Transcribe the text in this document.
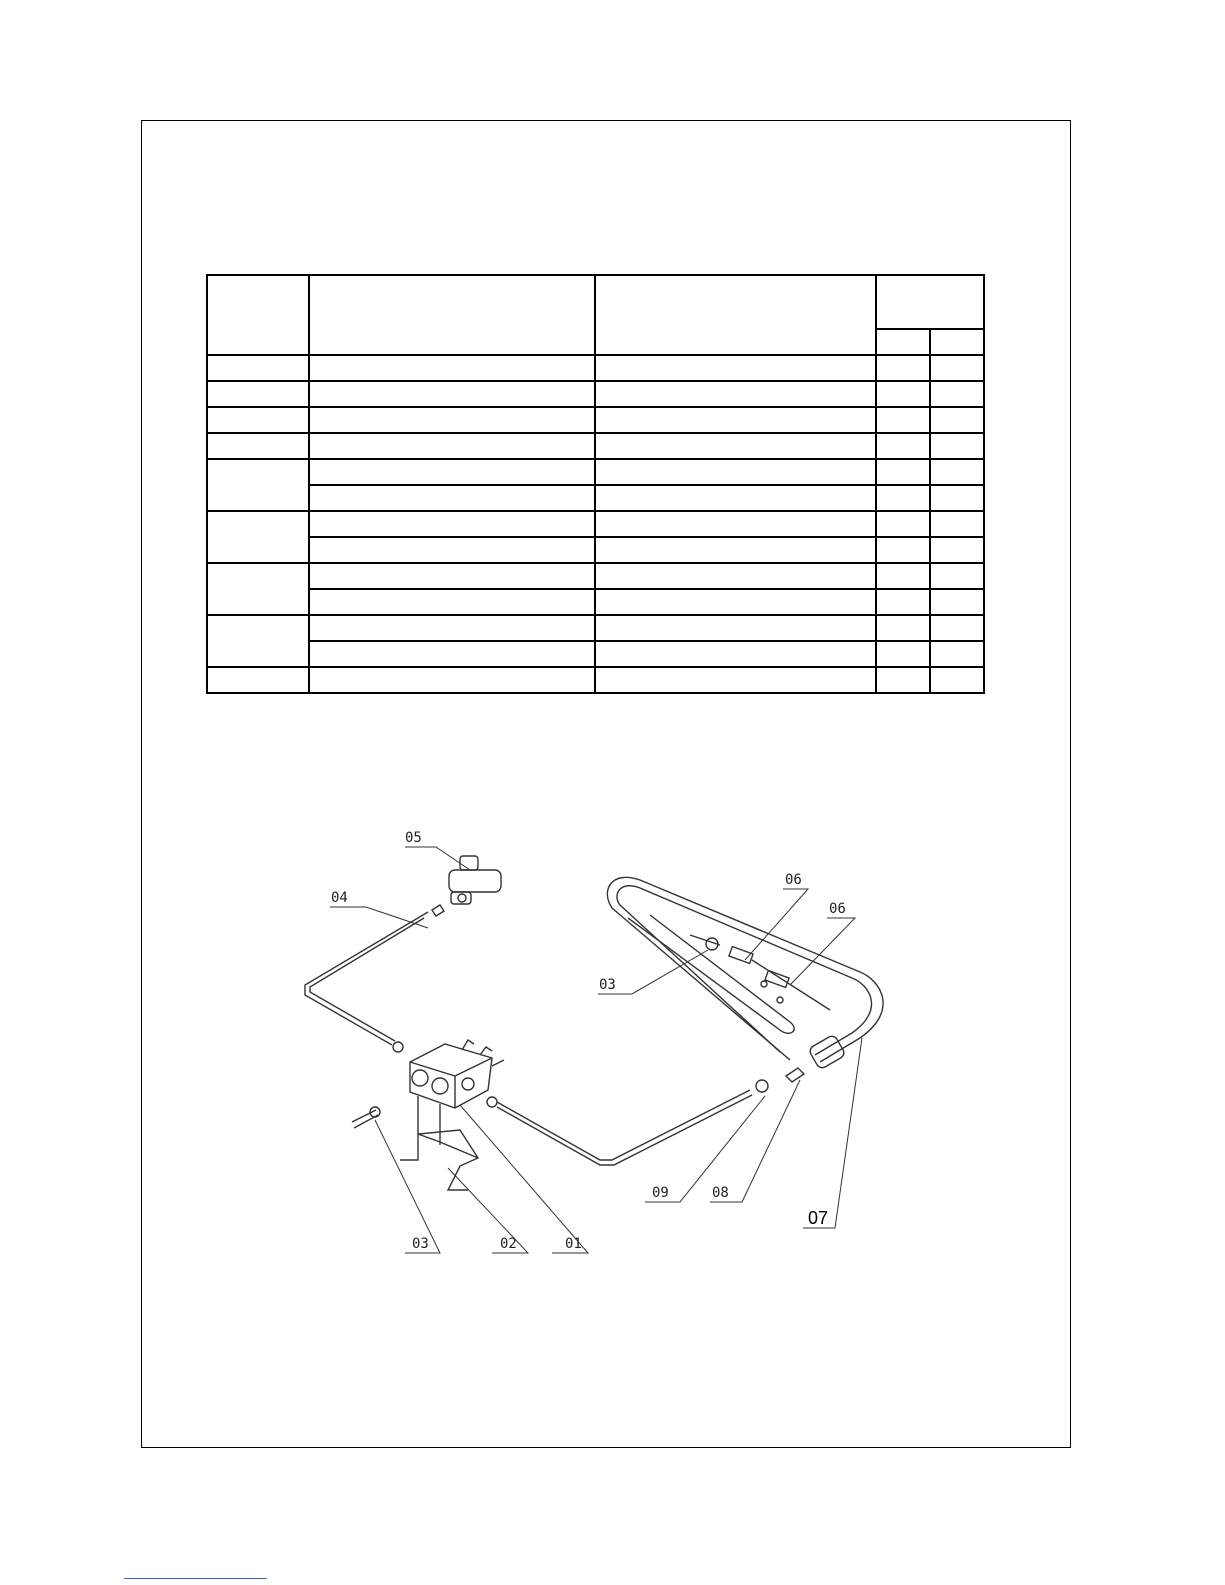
05
04
06
06
03
03	02	01
09	08
07
